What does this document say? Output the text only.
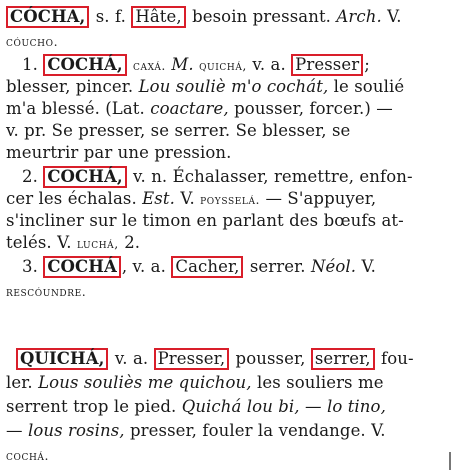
CÓCHA, s. f. Hâte, besoin pressant. Arch. V.
cóucho.
1. COCHÁ, caxá. M. quichá, v. a. Presser ;
blesser, pincer. Lou souliè m'o cochát, le soulié
m'a blessé. (Lat. coactare, pousser, forcer.) —
v. pr. Se presser, se serrer. Se blesser, se
meurtrir par une pression.
2. COCHÁ, v. n. Échalasser, remettre, enfon-
cer les échalas. Est. V. poysselá. — S'appuyer,
s'incliner sur le timon en parlant des bœufs at-
telés. V. luchá, 2.
3. COCHÁ , v. a. Cacher, serrer. Néol. V.
rescóundre.
QUICHÁ, v. a. Presser, pousser, serrer, fou-
ler. Lous souliès me quichou, les souliers me
serrent trop le pied. Quichá lou bi, — lo tino,
— lous rosins, presser, fouler la vendange. V.
cochá.
